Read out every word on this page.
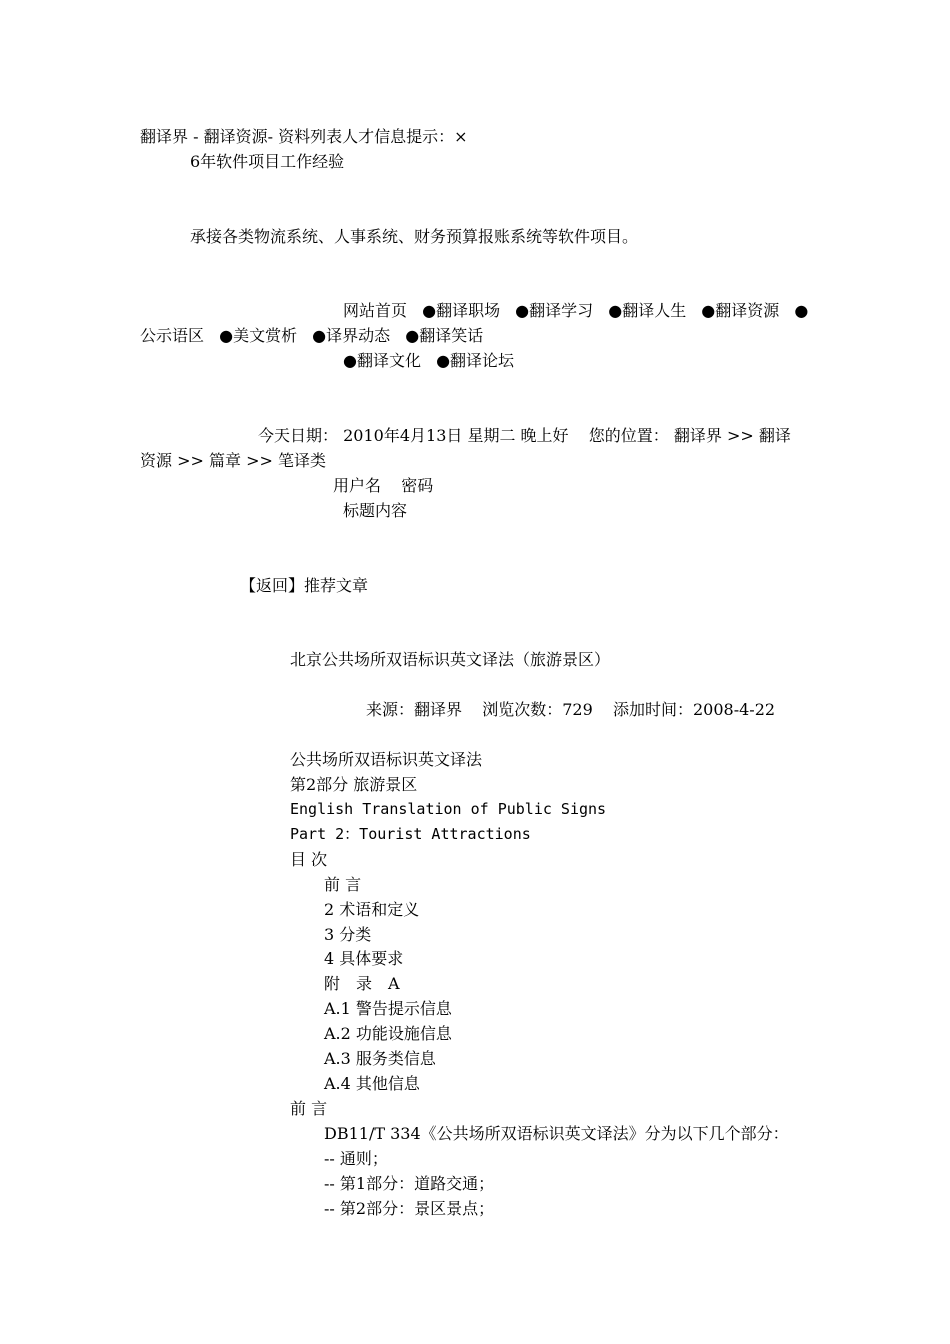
翻译界 - 翻译资源- 资料列表人才信息提示：×
6年软件项目工作经验
承接各类物流系统、人事系统、财务预算报账系统等软件项目。
网站首页 ●翻译职场 ●翻译学习 ●翻译人生 ●翻译资源 ●
公示语区 ●美文赏析 ●译界动态 ●翻译笑话
●翻译文化 ●翻译论坛
今天日期： 2010年4月13日 星期二 晚上好 您的位置： 翻译界 >> 翻译
资源 >> 篇章 >> 笔译类
用户名 密码
标题内容
【返回】推荐文章
北京公共场所双语标识英文译法（旅游景区）
来源：翻译界 浏览次数：729 添加时间：2008-4-22
公共场所双语标识英文译法
第2部分 旅游景区
English Translation of Public Signs
Part 2：Tourist Attractions
目 次
前 言
2 术语和定义
3 分类
4 具体要求
附　录　A
A.1 警告提示信息
A.2 功能设施信息
A.3 服务类信息
A.4 其他信息
前 言
DB11/T 334《公共场所双语标识英文译法》分为以下几个部分：
-- 通则；
-- 第1部分：道路交通；
-- 第2部分：景区景点；
